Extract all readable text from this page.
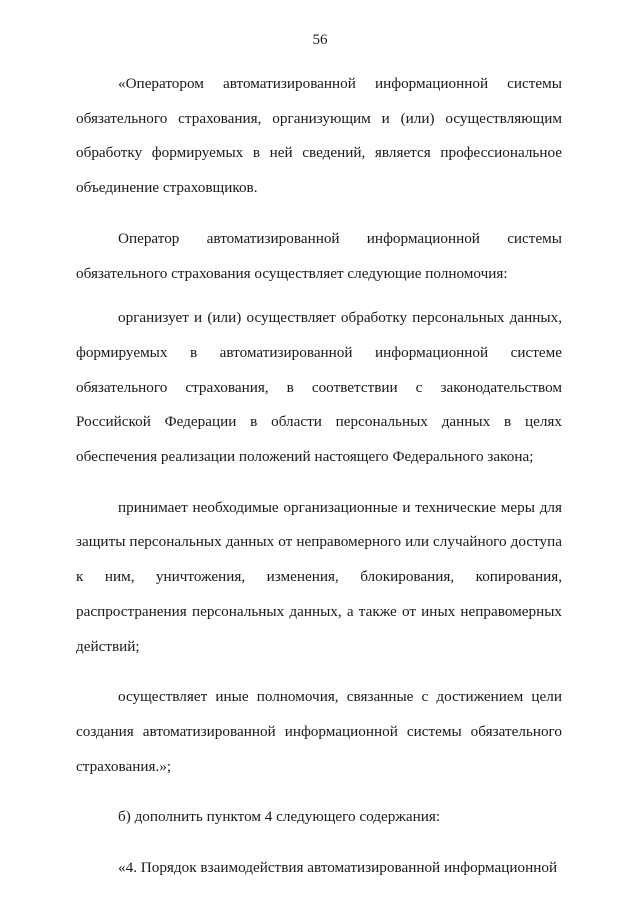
56

«Оператором автоматизированной информационной системы обязательного страхования, организующим и (или) осуществляющим обработку формируемых в ней сведений, является профессиональное объединение страховщиков.

Оператор автоматизированной информационной системы обязательного страхования осуществляет следующие полномочия:

организует и (или) осуществляет обработку персональных данных, формируемых в автоматизированной информационной системе обязательного страхования, в соответствии с законодательством Российской Федерации в области персональных данных в целях обеспечения реализации положений настоящего Федерального закона;

принимает необходимые организационные и технические меры для защиты персональных данных от неправомерного или случайного доступа к ним, уничтожения, изменения, блокирования, копирования, распространения персональных данных, а также от иных неправомерных действий;

осуществляет иные полномочия, связанные с достижением цели создания автоматизированной информационной системы обязательного страхования.»;

б) дополнить пунктом 4 следующего содержания:

«4. Порядок взаимодействия автоматизированной информационной
